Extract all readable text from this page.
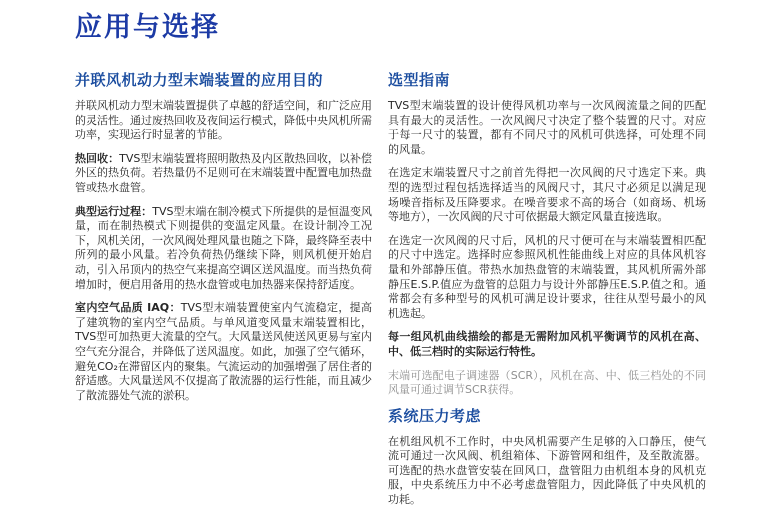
应用与选择
并联风机动力型末端装置的应用目的

并联风机动力型末端装置提供了卓越的舒适空间，和广泛应用的灵活性。通过废热回收及夜间运行模式，降低中央风机所需功率，实现运行时显著的节能。

热回收：TVS型末端装置将照明散热及内区散热回收，以补偿外区的热负荷。若热量仍不足则可在末端装置中配置电加热盘管或热水盘管。

典型运行过程：TVS型末端在制冷模式下所提供的是恒温变风量，而在制热模式下则提供的变温定风量。在设计制冷工况下，风机关闭，一次风阀处理风量也随之下降，最终降至表中所列的最小风量。若冷负荷热仍继续下降，则风机便开始启动，引入吊顶内的热空气来提高空调区送风温度。而当热负荷增加时，便启用备用的热水盘管或电加热器来保持舒适度。

室内空气品质 IAQ：TVS型末端装置使室内气流稳定，提高了建筑物的室内空气品质。与单风道变风量末端装置相比，TVS型可加热更大流量的空气。大风量送风使送风更易与室内空气充分混合，并降低了送风温度。如此，加强了空气循环，避免CO₂在滞留区内的聚集。气流运动的加强增强了居住者的舒适感。大风量送风不仅提高了散流器的运行性能，而且减少了散流器处气流的淤积。

选型指南

TVS型末端装置的设计使得风机功率与一次风阀流量之间的匹配具有最大的灵活性。一次风阀尺寸决定了整个装置的尺寸。对应于每一尺寸的装置，都有不同尺寸的风机可供选择，可处理不同的风量。

在选定末端装置尺寸之前首先得把一次风阀的尺寸选定下来。典型的选型过程包括选择适当的风阀尺寸，其尺寸必须足以满足现场噪音指标及压降要求。在噪音要求不高的场合（如商场、机场等地方），一次风阀的尺寸可依据最大额定风量直接选取。

在选定一次风阀的尺寸后，风机的尺寸便可在与末端装置相匹配的尺寸中选定。选择时应参照风机性能曲线上对应的具体风机容量和外部静压值。带热水加热盘管的末端装置，其风机所需外部静压E.S.P.值应为盘管的总阻力与设计外部静压E.S.P.值之和。通常都会有多种型号的风机可满足设计要求，往往从型号最小的风机选起。

每一组风机曲线描绘的都是无需附加风机平衡调节的风机在高、中、低三档时的实际运行特性。

末端可选配电子调速器（SCR），风机在高、中、低三档处的不同风量可通过调节SCR获得。

系统压力考虑

在机组风机不工作时，中央风机需要产生足够的入口静压，使气流可通过一次风阀、机组箱体、下游管网和组件，及至散流器。可选配的热水盘管安装在回风口，盘管阻力由机组本身的风机克服，中央系统压力中不必考虑盘管阻力，因此降低了中央风机的功耗。
